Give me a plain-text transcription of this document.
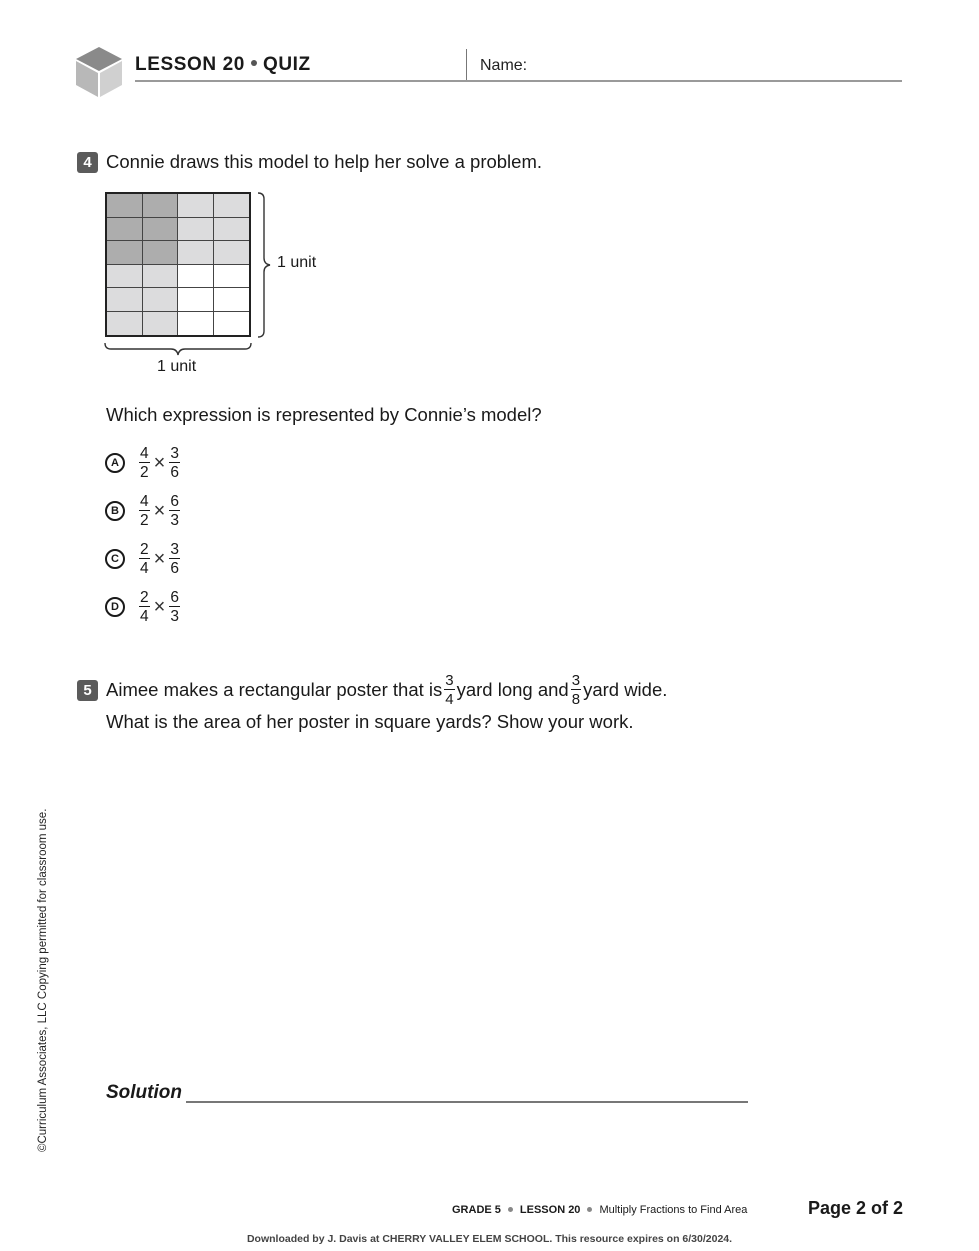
LESSON 20 QUIZ	Name:
4 Connie draws this model to help her solve a problem.
1 unit
1 unit
Which expression is represented by Connie’s model?
A	$\frac{4}{2} \times \frac{3}{6}$
B	$\frac{4}{2} \times \frac{6}{3}$
C	$\frac{2}{4} \times \frac{3}{6}$
D	$\frac{2}{4} \times \frac{6}{3}$
5 Aimee makes a rectangular poster that is $\frac{3}{4}$ yard long and $\frac{3}{8}$ yard wide.
What is the area of her poster in square yards? Show your work.
©Curriculum Associates, LLC Copying permitted for classroom use.	Solution
GRADE 5 LESSON 20 Multiply Fractions to Find Area	Page 2 of 2
Downloaded by J. Davis at CHERRY VALLEY ELEM SCHOOL. This resource expires on 6/30/2024.
